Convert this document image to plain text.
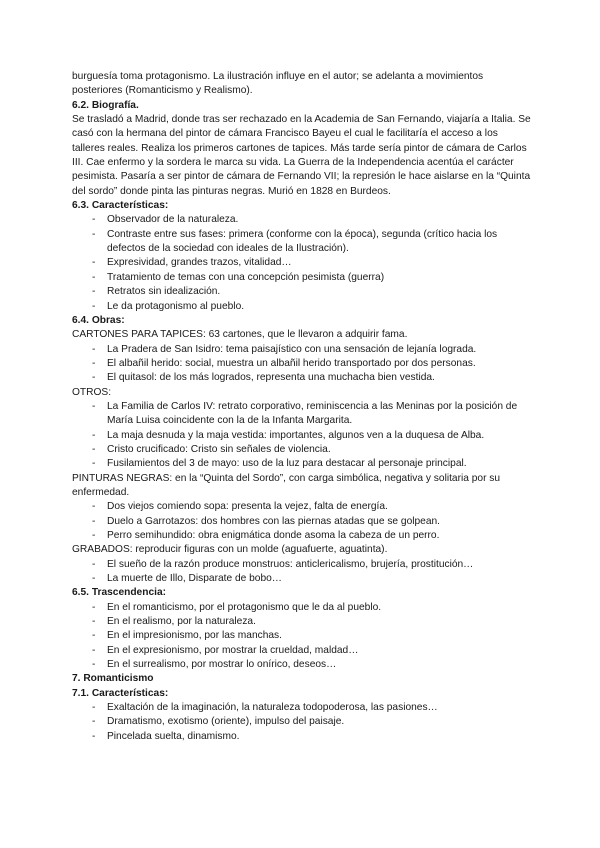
burguesía toma protagonismo. La ilustración influye en el autor; se adelanta a movimientos posteriores (Romanticismo y Realismo).

6.2. Biografía.

Se trasladó a Madrid, donde tras ser rechazado en la Academia de San Fernando, viajaría a Italia. Se casó con la hermana del pintor de cámara Francisco Bayeu el cual le facilitaría el acceso a los talleres reales. Realiza los primeros cartones de tapices. Más tarde sería pintor de cámara de Carlos III. Cae enfermo y la sordera le marca su vida. La Guerra de la Independencia acentúa el carácter pesimista. Pasaría a ser pintor de cámara de Fernando VII; la represión le hace aislarse en la “Quinta del sordo” donde pinta las pinturas negras. Murió en 1828 en Burdeos.

6.3. Características:

- Observador de la naturaleza.
- Contraste entre sus fases: primera (conforme con la época), segunda (crítico hacia los defectos de la sociedad con ideales de la Ilustración).
- Expresividad, grandes trazos, vitalidad…
- Tratamiento de temas con una concepción pesimista (guerra)
- Retratos sin idealización.
- Le da protagonismo al pueblo.

6.4. Obras:

CARTONES PARA TAPICES: 63 cartones, que le llevaron a adquirir fama.

- La Pradera de San Isidro: tema paisajístico con una sensación de lejanía lograda.
- El albañil herido: social, muestra un albañil herido transportado por dos personas.
- El quitasol: de los más logrados, representa una muchacha bien vestida.

OTROS:

- La Familia de Carlos IV: retrato corporativo, reminiscencia a las Meninas por la posición de María Luisa coincidente con la de la Infanta Margarita.
- La maja desnuda y la maja vestida: importantes, algunos ven a la duquesa de Alba.
- Cristo crucificado: Cristo sin señales de violencia.
- Fusilamientos del 3 de mayo: uso de la luz para destacar al personaje principal.

PINTURAS NEGRAS: en la “Quinta del Sordo”, con carga simbólica, negativa y solitaria por su enfermedad.

- Dos viejos comiendo sopa: presenta la vejez, falta de energía.
- Duelo a Garrotazos: dos hombres con las piernas atadas que se golpean.
- Perro semihundido: obra enigmática donde asoma la cabeza de un perro.

GRABADOS: reproducir figuras con un molde (aguafuerte, aguatinta).

- El sueño de la razón produce monstruos: anticlericalismo, brujería, prostitución…
- La muerte de Illo, Disparate de bobo…

6.5. Trascendencia:

- En el romanticismo, por el protagonismo que le da al pueblo.
- En el realismo, por la naturaleza.
- En el impresionismo, por las manchas.
- En el expresionismo, por mostrar la crueldad, maldad…
- En el surrealismo, por mostrar lo onírico, deseos…

7. Romanticismo

7.1. Características:

- Exaltación de la imaginación, la naturaleza todopoderosa, las pasiones…
- Dramatismo, exotismo (oriente), impulso del paisaje.
- Pincelada suelta, dinamismo.
